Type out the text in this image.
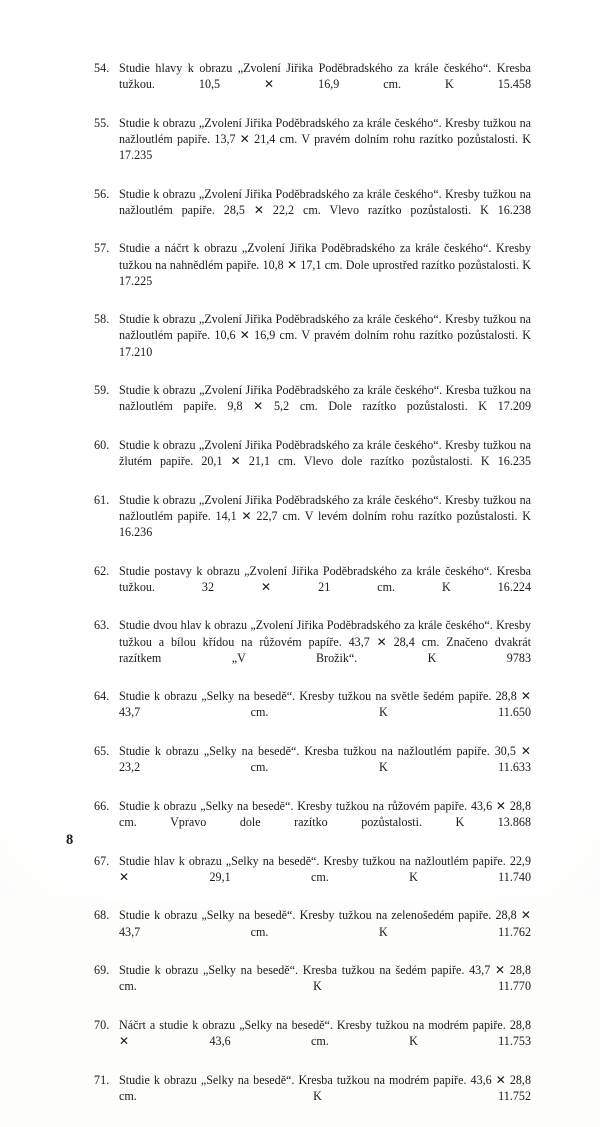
54. Studie hlavy k obrazu „Zvolení Jiřika Poděbradského za krále českého“. Kresba tužkou. 10,5 ✕ 16,9 cm. K 15.458
55. Studie k obrazu „Zvolení Jiřika Poděbradského za krále českého“. Kresby tužkou na nažloutlém papiře. 13,7 ✕ 21,4 cm. V pravém dolním rohu razítko pozůstalosti. K 17.235
56. Studie k obrazu „Zvolení Jiřika Poděbradského za krále českého“. Kresby tužkou na nažloutlém papiře. 28,5 ✕ 22,2 cm. Vlevo razítko pozůstalosti. K 16.238
57. Studie a náčrt k obrazu „Zvolení Jiřika Poděbradského za krále českého“. Kresby tužkou na nahnědlém papiře. 10,8 ✕ 17,1 cm. Dole uprostřed razítko pozůstalosti. K 17.225
58. Studie k obrazu „Zvolení Jiřika Poděbradského za krále českého“. Kresby tužkou na nažloutlém papiře. 10,6 ✕ 16,9 cm. V pravém dolním rohu razítko pozůstalosti. K 17.210
59. Studie k obrazu „Zvolení Jiřika Poděbradského za krále českého“. Kresba tužkou na nažloutlém papiře. 9,8 ✕ 5,2 cm. Dole razítko pozůstalosti. K 17.209
60. Studie k obrazu „Zvolení Jiřika Poděbradského za krále českého“. Kresby tužkou na žlutém papiře. 20,1 ✕ 21,1 cm. Vlevo dole razítko pozůstalosti. K 16.235
61. Studie k obrazu „Zvolení Jiřika Poděbradského za krále českého“. Kresby tužkou na nažloutlém papiře. 14,1 ✕ 22,7 cm. V levém dolním rohu razítko pozůstalosti. K 16.236
62. Studie postavy k obrazu „Zvolení Jiřika Poděbradského za krále českého“. Kresba tužkou. 32 ✕ 21 cm. K 16.224
63. Studie dvou hlav k obrazu „Zvolení Jiřika Poděbradského za krále českého“. Kresby tužkou a bílou křídou na růžovém papíře. 43,7 ✕ 28,4 cm. Značeno dvakrát razítkem „V Brožik“. K 9783
64. Studie k obrazu „Selky na besedě“. Kresby tužkou na světle šedém papiře. 28,8 ✕ 43,7 cm. K 11.650
65. Studie k obrazu „Selky na besedě“. Kresba tužkou na nažloutlém papiře. 30,5 ✕ 23,2 cm. K 11.633
66. Studie k obrazu „Selky na besedě“. Kresby tužkou na růžovém papiře. 43,6 ✕ 28,8 cm. Vpravo dole razítko pozůstalosti. K 13.868
67. Studie hlav k obrazu „Selky na besedě“. Kresby tužkou na nažloutlém papiře. 22,9 ✕ 29,1 cm. K 11.740
68. Studie k obrazu „Selky na besedě“. Kresby tužkou na zelenošedém papiře. 28,8 ✕ 43,7 cm. K 11.762
69. Studie k obrazu „Selky na besedě“. Kresba tužkou na šedém papiře. 43,7 ✕ 28,8 cm. K 11.770
70. Náčrt a studie k obrazu „Selky na besedě“. Kresby tužkou na modrém papiře. 28,8 ✕ 43,6 cm. K 11.753
71. Studie k obrazu „Selky na besedě“. Kresba tužkou na modrém papiře. 43,6 ✕ 28,8 cm. K 11.752
8
